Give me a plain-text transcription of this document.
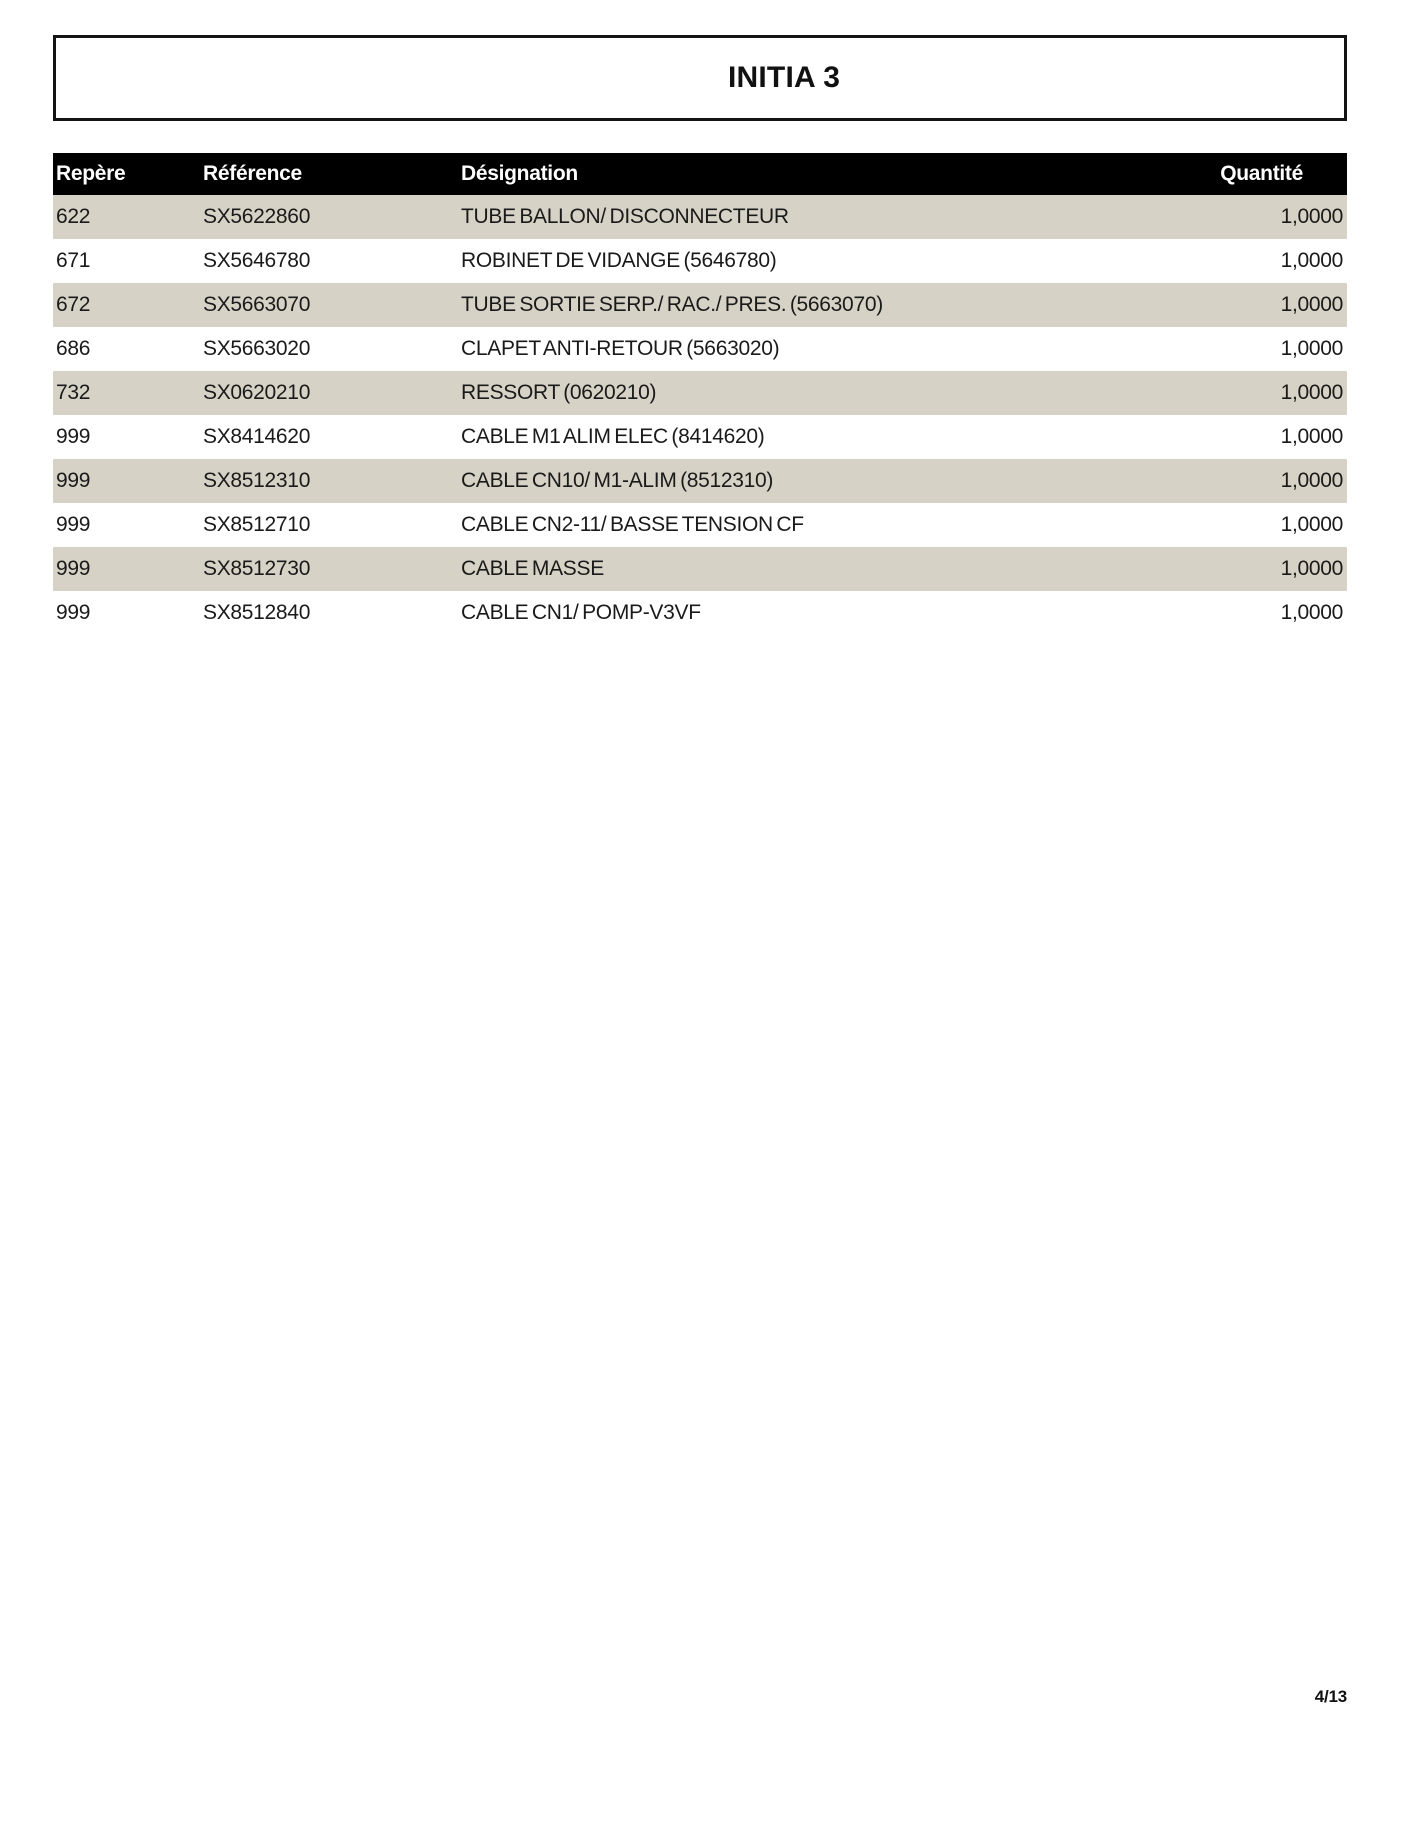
INITIA 3
Repère	Référence	Désignation	Quantité
622	SX5622860	TUBE BALLON/ DISCONNECTEUR	1,0000
671	SX5646780	ROBINET DE VIDANGE (5646780)	1,0000
672	SX5663070	TUBE SORTIE SERP./ RAC./ PRES. (5663070)	1,0000
686	SX5663020	CLAPET ANTI-RETOUR (5663020)	1,0000
732	SX0620210	RESSORT (0620210)	1,0000
999	SX8414620	CABLE M1 ALIM ELEC (8414620)	1,0000
999	SX8512310	CABLE CN10/ M1-ALIM (8512310)	1,0000
999	SX8512710	CABLE CN2-11/ BASSE TENSION CF	1,0000
999	SX8512730	CABLE MASSE	1,0000
999	SX8512840	CABLE CN1/ POMP-V3VF	1,0000
4/13
